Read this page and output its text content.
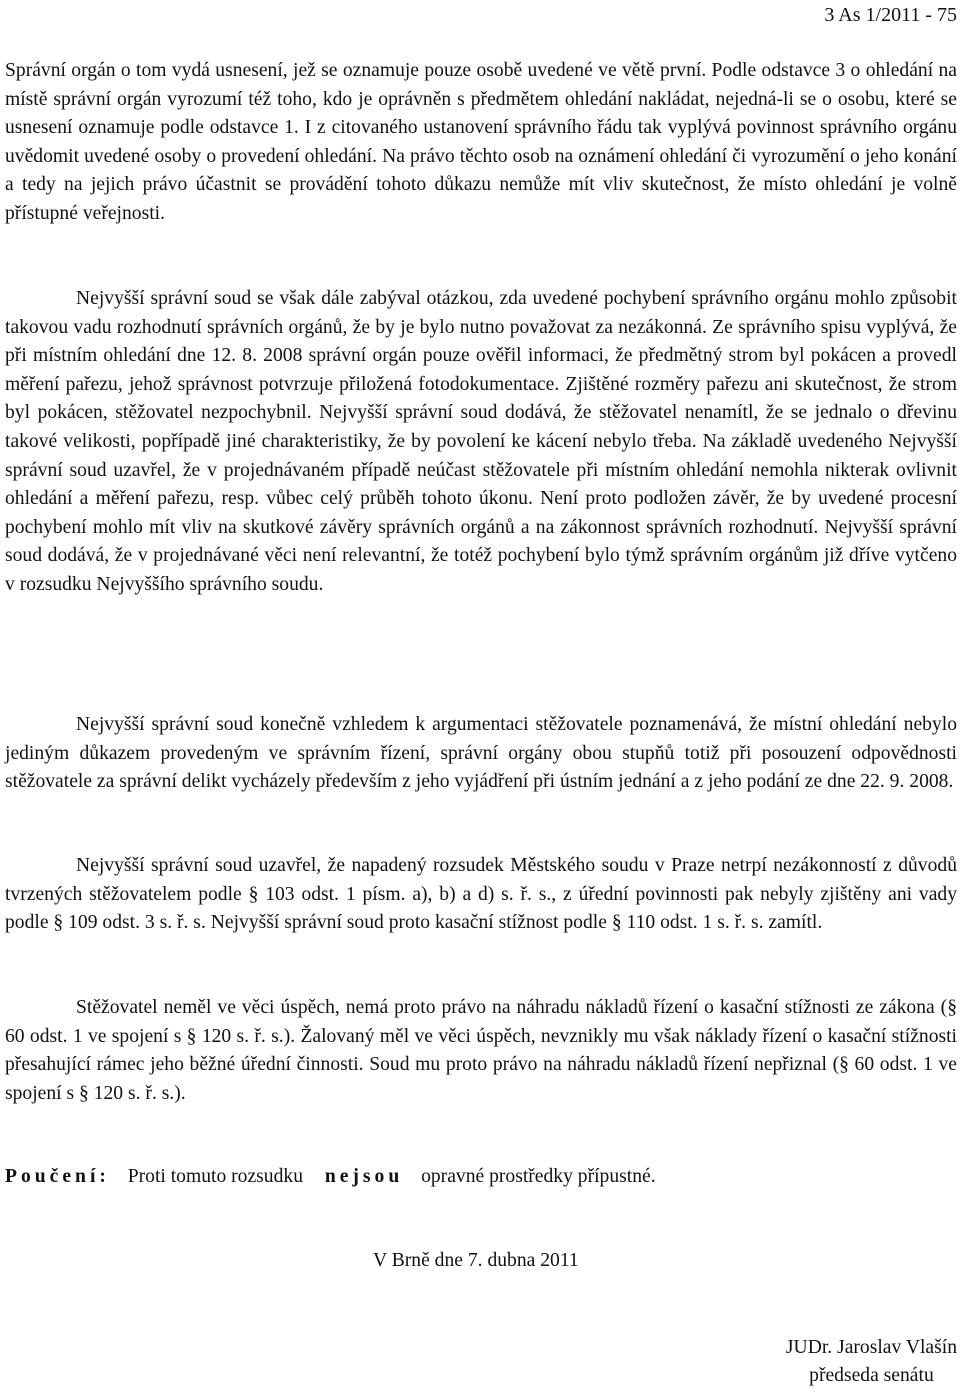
3 As 1/2011 - 75

Správní orgán o tom vydá usnesení, jež se oznamuje pouze osobě uvedené ve větě první. Podle odstavce 3 o ohledání na místě správní orgán vyrozumí též toho, kdo je oprávněn s předmětem ohledání nakládat, nejedná-li se o osobu, které se usnesení oznamuje podle odstavce 1. I z citovaného ustanovení správního řádu tak vyplývá povinnost správního orgánu uvědomit uvedené osoby o provedení ohledání. Na právo těchto osob na oznámení ohledání či vyrozumění o jeho konání a tedy na jejich právo účastnit se provádění tohoto důkazu nemůže mít vliv skutečnost, že místo ohledání je volně přístupné veřejnosti.

Nejvyšší správní soud se však dále zabýval otázkou, zda uvedené pochybení správního orgánu mohlo způsobit takovou vadu rozhodnutí správních orgánů, že by je bylo nutno považovat za nezákonná. Ze správního spisu vyplývá, že při místním ohledání dne 12. 8. 2008 správní orgán pouze ověřil informaci, že předmětný strom byl pokácen a provedl měření pařezu, jehož správnost potvrzuje přiložená fotodokumentace. Zjištěné rozměry pařezu ani skutečnost, že strom byl pokácen, stěžovatel nezpochybnil. Nejvyšší správní soud dodává, že stěžovatel nenamítl, že se jednalo o dřevinu takové velikosti, popřípadě jiné charakteristiky, že by povolení ke kácení nebylo třeba. Na základě uvedeného Nejvyšší správní soud uzavřel, že v projednávaném případě neúčast stěžovatele při místním ohledání nemohla nikterak ovlivnit ohledání a měření pařezu, resp. vůbec celý průběh tohoto úkonu. Není proto podložen závěr, že by uvedené procesní pochybení mohlo mít vliv na skutkové závěry správních orgánů a na zákonnost správních rozhodnutí. Nejvyšší správní soud dodává, že v projednávané věci není relevantní, že totéž pochybení bylo týmž správním orgánům již dříve vytčeno v rozsudku Nejvyššího správního soudu.

Nejvyšší správní soud konečně vzhledem k argumentaci stěžovatele poznamenává, že místní ohledání nebylo jediným důkazem provedeným ve správním řízení, správní orgány obou stupňů totiž při posouzení odpovědnosti stěžovatele za správní delikt vycházely především z jeho vyjádření při ústním jednání a z jeho podání ze dne 22. 9. 2008.

Nejvyšší správní soud uzavřel, že napadený rozsudek Městského soudu v Praze netrpí nezákonností z důvodů tvrzených stěžovatelem podle § 103 odst. 1 písm. a), b) a d) s. ř. s., z úřední povinnosti pak nebyly zjištěny ani vady podle § 109 odst. 3 s. ř. s. Nejvyšší správní soud proto kasační stížnost podle § 110 odst. 1 s. ř. s. zamítl.

Stěžovatel neměl ve věci úspěch, nemá proto právo na náhradu nákladů řízení o kasační stížnosti ze zákona (§ 60 odst. 1 ve spojení s § 120 s. ř. s.). Žalovaný měl ve věci úspěch, nevznikly mu však náklady řízení o kasační stížnosti přesahující rámec jeho běžné úřední činnosti. Soud mu proto právo na náhradu nákladů řízení nepřiznal (§ 60 odst. 1 ve spojení s § 120 s. ř. s.).

Poučení: Proti tomuto rozsudku nejsou opravné prostředky přípustné.
V Brně dne 7. dubna 2011
JUDr. Jaroslav Vlašín
předseda senátu
